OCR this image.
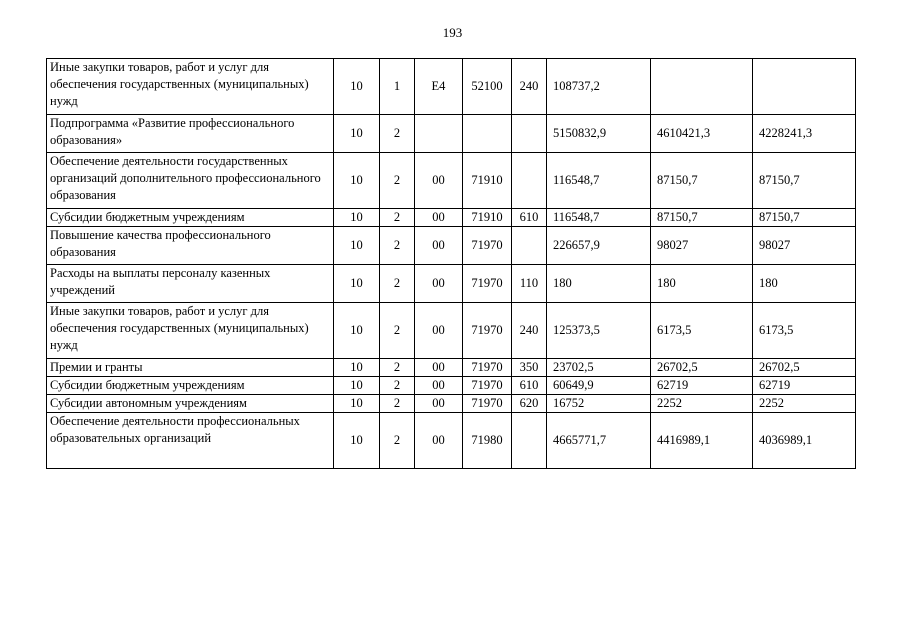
193
Иные закупки товаров, работ и услуг для обеспечения государственных (муниципальных) нужд	10	1	Е4	52100	240	108737,2		
Подпрограмма «Развитие профессионального образования»	10	2				5150832,9	4610421,3	4228241,3
Обеспечение деятельности государственных организаций дополнительного профессионального образования	10	2	00	71910		116548,7	87150,7	87150,7
Субсидии бюджетным учреждениям	10	2	00	71910	610	116548,7	87150,7	87150,7
Повышение качества профессионального образования	10	2	00	71970		226657,9	98027	98027
Расходы на выплаты персоналу казенных учреждений	10	2	00	71970	110	180	180	180
Иные закупки товаров, работ и услуг для обеспечения государственных (муниципальных) нужд	10	2	00	71970	240	125373,5	6173,5	6173,5
Премии и гранты	10	2	00	71970	350	23702,5	26702,5	26702,5
Субсидии бюджетным учреждениям	10	2	00	71970	610	60649,9	62719	62719
Субсидии автономным учреждениям	10	2	00	71970	620	16752	2252	2252
Обеспечение деятельности профессиональных образовательных организаций	10	2	00	71980		4665771,7	4416989,1	4036989,1
